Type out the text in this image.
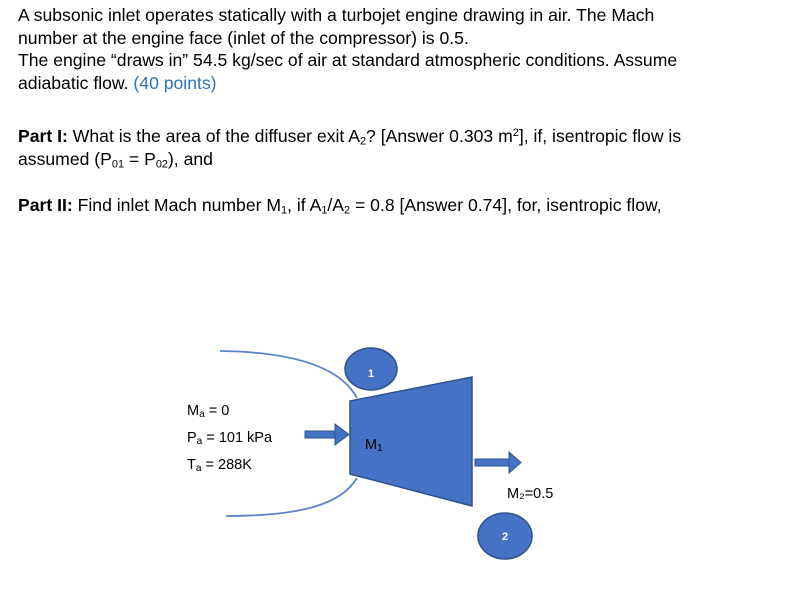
A subsonic inlet operates statically with a turbojet engine drawing in air. The Mach
number at the engine face (inlet of the compressor) is 0.5.
The engine “draws in” 54.5 kg/sec of air at standard atmospheric conditions. Assume
adiabatic flow. (40 points)

Part I: What is the area of the diffuser exit $A_2$? [Answer 0.303 $m^2$], if, isentropic flow is
assumed $(P_{01} = P_{02})$, and

Part II: Find inlet Mach number $M_1$, if $A_1/A_2 = 0.8$ [Answer 0.74], for, isentropic flow,

1
2
$M_a = 0$
$P_a = 101$ kPa
$T_a = 288K$
$M_1$
M₂=0.5
